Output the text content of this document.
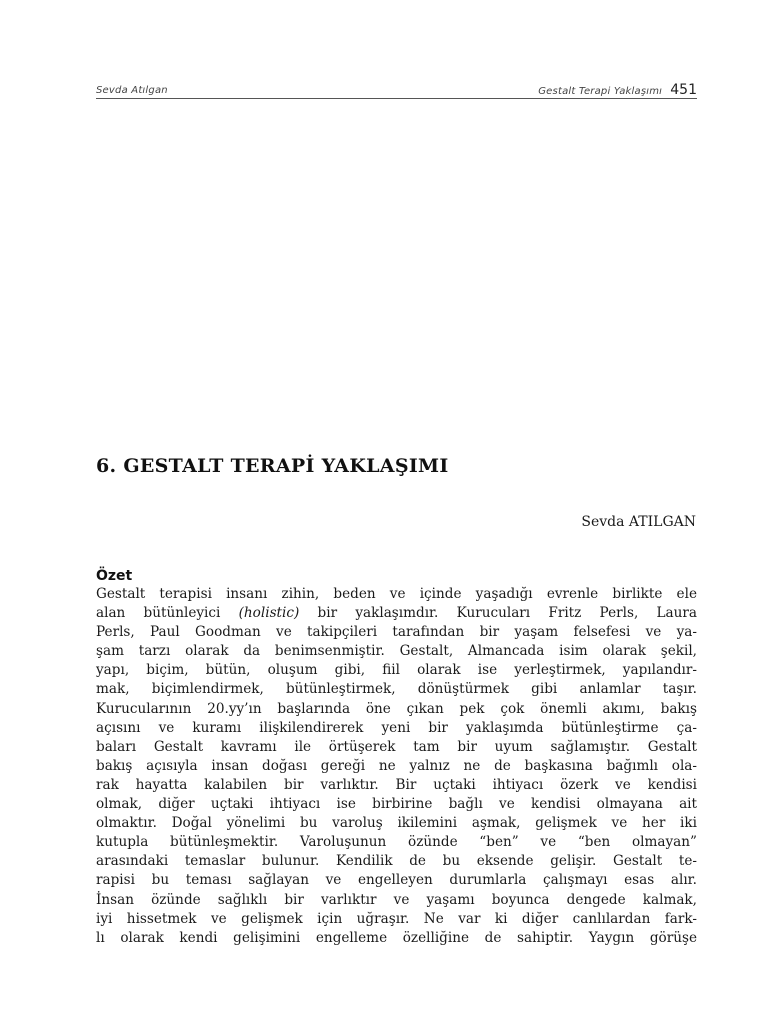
Sevda Atılgan	Gestalt Terapi Yaklaşımı 451
6. GESTALT TERAPİ YAKLAŞIMI
Sevda ATILGAN
Özet
Gestalt terapisi insanı zihin, beden ve içinde yaşadığı evrenle birlikte ele
alan bütünleyici (holistic) bir yaklaşımdır. Kurucuları Fritz Perls, Laura
Perls, Paul Goodman ve takipçileri tarafından bir yaşam felsefesi ve ya-
şam tarzı olarak da benimsenmiştir. Gestalt, Almancada isim olarak şekil,
yapı, biçim, bütün, oluşum gibi, fiil olarak ise yerleştirmek, yapılandır-
mak, biçimlendirmek, bütünleştirmek, dönüştürmek gibi anlamlar taşır.
Kurucularının 20.yy’ın başlarında öne çıkan pek çok önemli akımı, bakış
açısını ve kuramı ilişkilendirerek yeni bir yaklaşımda bütünleştirme ça-
baları Gestalt kavramı ile örtüşerek tam bir uyum sağlamıştır. Gestalt
bakış açısıyla insan doğası gereği ne yalnız ne de başkasına bağımlı ola-
rak hayatta kalabilen bir varlıktır. Bir uçtaki ihtiyacı özerk ve kendisi
olmak, diğer uçtaki ihtiyacı ise birbirine bağlı ve kendisi olmayana ait
olmaktır. Doğal yönelimi bu varoluş ikilemini aşmak, gelişmek ve her iki
kutupla bütünleşmektir. Varoluşunun özünde “ben” ve “ben olmayan”
arasındaki temaslar bulunur. Kendilik de bu eksende gelişir. Gestalt te-
rapisi bu teması sağlayan ve engelleyen durumlarla çalışmayı esas alır.
İnsan özünde sağlıklı bir varlıktır ve yaşamı boyunca dengede kalmak,
iyi hissetmek ve gelişmek için uğraşır. Ne var ki diğer canlılardan fark-
lı olarak kendi gelişimini engelleme özelliğine de sahiptir. Yaygın görüşe
